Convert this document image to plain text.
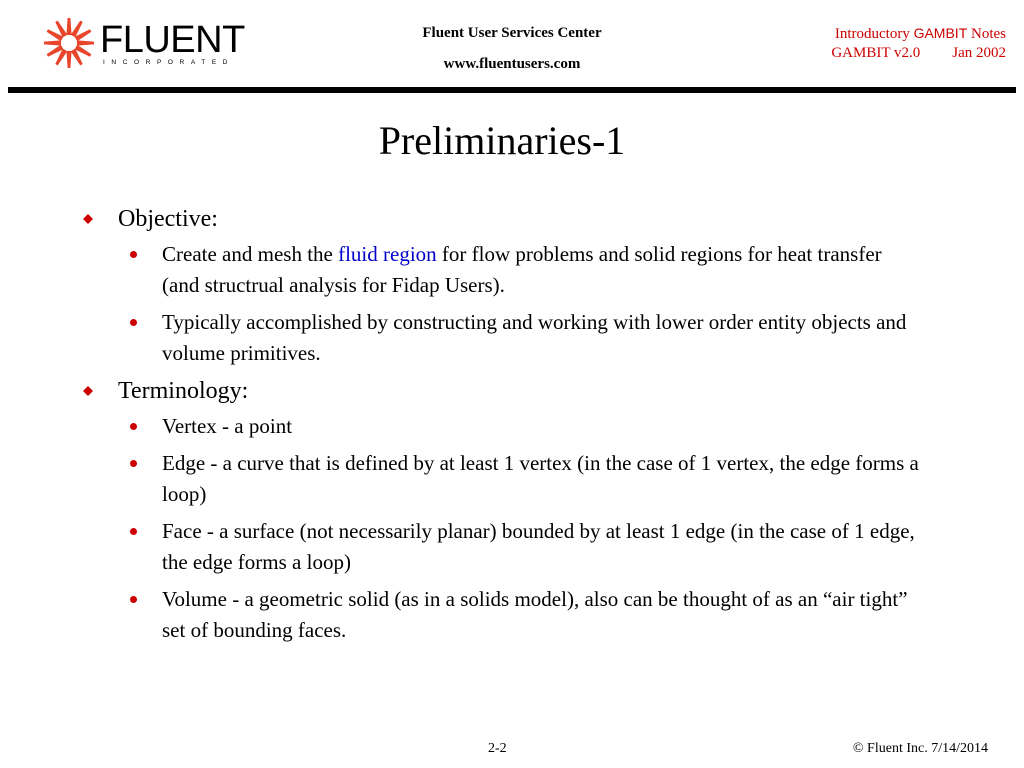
FLUENT
INCORPORATED
Fluent User Services Center
www.fluentusers.com
Introductory GAMBIT Notes
GAMBIT v2.0 Jan 2002
Preliminaries-1
Objective:
Create and mesh the fluid region for flow problems and solid regions for heat transfer (and structrual analysis for Fidap Users).
Typically accomplished by constructing and working with lower order entity objects and volume primitives.
Terminology:
Vertex - a point
Edge - a curve that is defined by at least 1 vertex (in the case of 1 vertex, the edge forms a loop)
Face - a surface (not necessarily planar) bounded by at least 1 edge (in the case of 1 edge, the edge forms a loop)
Volume - a geometric solid (as in a solids model), also can be thought of as an “air tight” set of bounding faces.
2-2	© Fluent Inc. 7/14/2014
